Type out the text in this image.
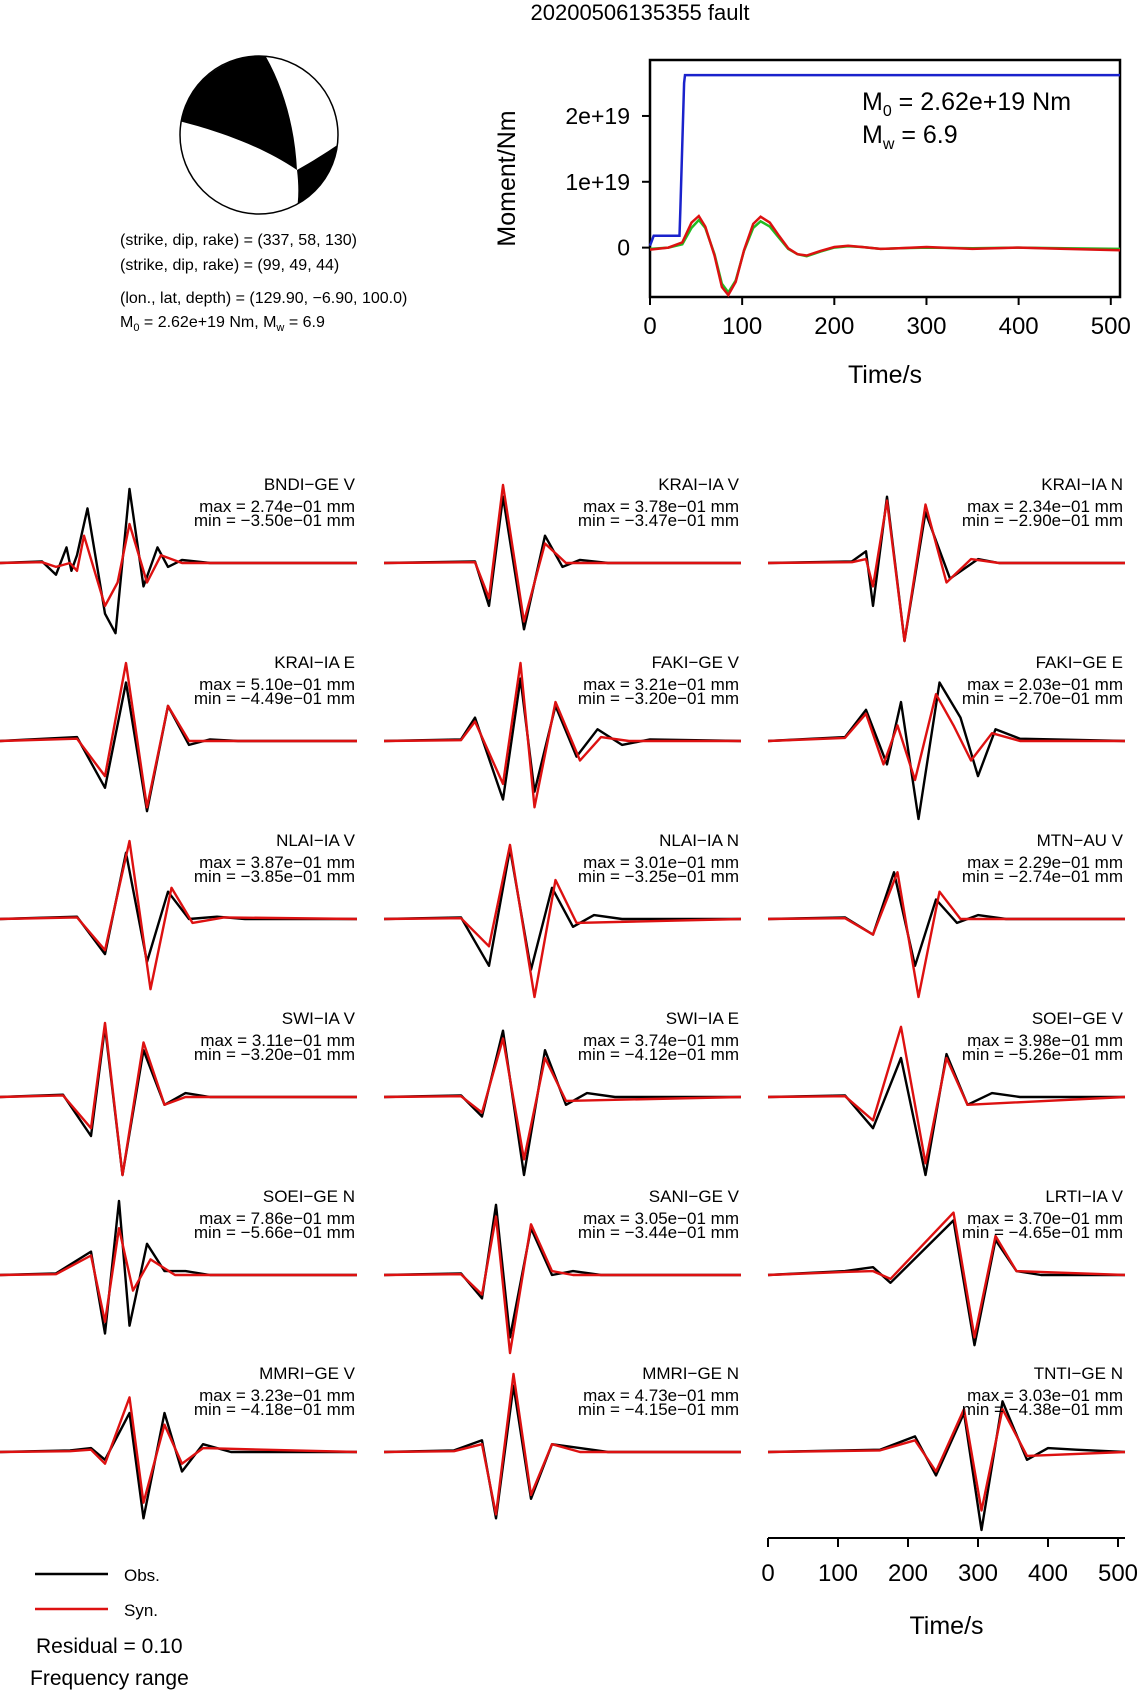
20200506135355 fault
(strike, dip, rake) = (337, 58, 130)
(strike, dip, rake) = (99, 49, 44)
(lon., lat, depth) = (129.90, −6.90, 100.0)
$M_0 = 2.62e+19$ Nm, $M_w = 6.9$	0	100 200 300 400 500
0
1e+19
2e+19
Time/s
Moment/Nm
$M_0 = 2.62e+19$ Nm
$M_w = 6.9$
BNDI−GE V
max = 2.74e−01 mm
min = −3.50e−01 mm
KRAI−IA V
max = 3.78e−01 mm
min = −3.47e−01 mm
KRAI−IA N
max = 2.34e−01 mm
min = −2.90e−01 mm
KRAI−IA E
max = 5.10e−01 mm
min = −4.49e−01 mm
FAKI−GE V
max = 3.21e−01 mm
min = −3.20e−01 mm
FAKI−GE E
max = 2.03e−01 mm
min = −2.70e−01 mm
NLAI−IA V
max = 3.87e−01 mm
min = −3.85e−01 mm
NLAI−IA N
max = 3.01e−01 mm
min = −3.25e−01 mm
MTN−AU V
max = 2.29e−01 mm
min = −2.74e−01 mm
SWI−IA V
max = 3.11e−01 mm
min = −3.20e−01 mm
SWI−IA E
max = 3.74e−01 mm
min = −4.12e−01 mm
SOEI−GE V
max = 3.98e−01 mm
min = −5.26e−01 mm
SOEI−GE N
max = 7.86e−01 mm
min = −5.66e−01 mm
SANI−GE V
max = 3.05e−01 mm
min = −3.44e−01 mm
LRTI−IA V
max = 3.70e−01 mm
min = −4.65e−01 mm
MMRI−GE V
max = 3.23e−01 mm
min = −4.18e−01 mm
MMRI−GE N
max = 4.73e−01 mm
min = −4.15e−01 mm
TNTI−GE N
max = 3.03e−01 mm
min = −4.38e−01 mm
0 100 200 300 400 500
Time/s
Obs.
Syn.
Residual = 0.10
Frequency range
